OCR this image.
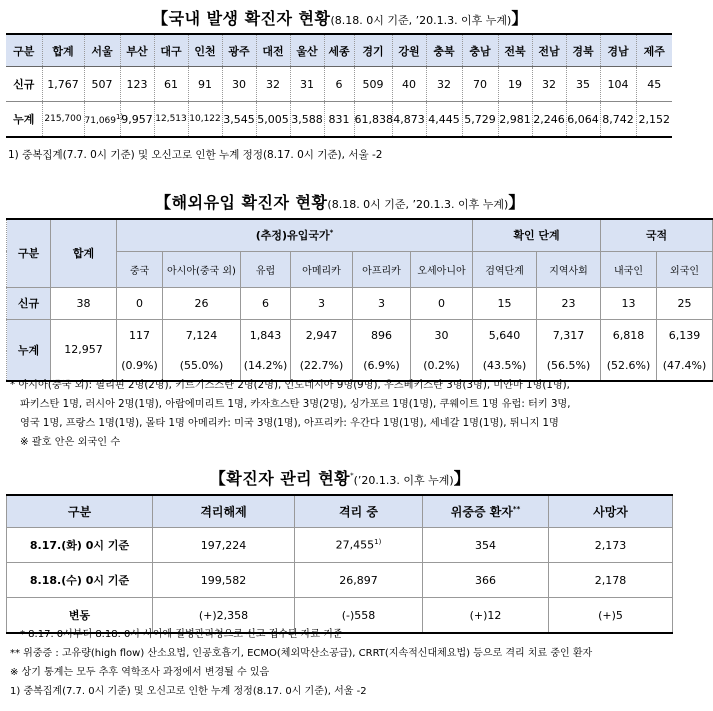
【국내 발생 확진자 현황(8.18. 0시 기준, ’20.1.3. 이후 누계)】
구분	합계	서울	부산	대구	인천	광주	대전	울산	세종	경기	강원	충북	충남	전북	전남	경북	경남	제주
신규	1,767	507	123	61	91	30	32	31	6	509	40	32	70	19	32	35	104	45
누계	215,700	71,069$^{1)}$	9,957	12,513	10,122	3,545	5,005	3,588	831	61,838	4,873	4,445	5,729	2,981	2,246	6,064	8,742	2,152
1) 중복집계(7.7. 0시 기준) 및 오신고로 인한 누계 정정(8.17. 0시 기준), 서울 -2
【해외유입 확진자 현황(8.18. 0시 기준, ’20.1.3. 이후 누계)】
구분	합계	(추정)유입국가*						확인 단계		국적	
		중국	아시아(중국 외)	유럽	아메리카	아프리카	오세아니아	검역단계	지역사회	내국인	외국인
신규	38	0	26	6	3	3	0	15	23	13	25
누계	12,957	117	7,124	1,843	2,947	896	30	5,640	7,317	6,818	6,139
		(0.9%)	(55.0%)	(14.2%)	(22.7%)	(6.9%)	(0.2%)	(43.5%)	(56.5%)	(52.6%)	(47.4%)
* 아시아(중국 외): 필리핀 2명(2명), 키르기스스탄 2명(2명), 인도네시아 9명(9명), 우즈베키스탄 3명(3명), 미얀마 1명(1명),
파키스탄 1명, 러시아 2명(1명), 아랍에미리트 1명, 카자흐스탄 3명(2명), 싱가포르 1명(1명), 쿠웨이트 1명 유럽: 터키 3명,
영국 1명, 프랑스 1명(1명), 몰타 1명 아메리카: 미국 3명(1명), 아프리카: 우간다 1명(1명), 세네갈 1명(1명), 튀니지 1명
※ 괄호 안은 외국인 수
【확진자 관리 현황*(’20.1.3. 이후 누계)】
구분	격리해제	격리 중	위중증 환자**	사망자
8.17.(화) 0시 기준	197,224	27,455$^{1)}$	354	2,173
8.18.(수) 0시 기준	199,582	26,897	366	2,178
변동	(+)2,358	(-)558	(+)12	(+)5
* 8.17. 0시부터 8.18. 0시 사이에 질병관리청으로 신고·접수된 자료 기준
** 위중증 : 고유량(high flow) 산소요법, 인공호흡기, ECMO(체외막산소공급), CRRT(지속적신대체요법) 등으로 격리 치료 중인 환자
※ 상기 통계는 모두 추후 역학조사 과정에서 변경될 수 있음
1) 중복집계(7.7. 0시 기준) 및 오신고로 인한 누계 정정(8.17. 0시 기준), 서울 -2
